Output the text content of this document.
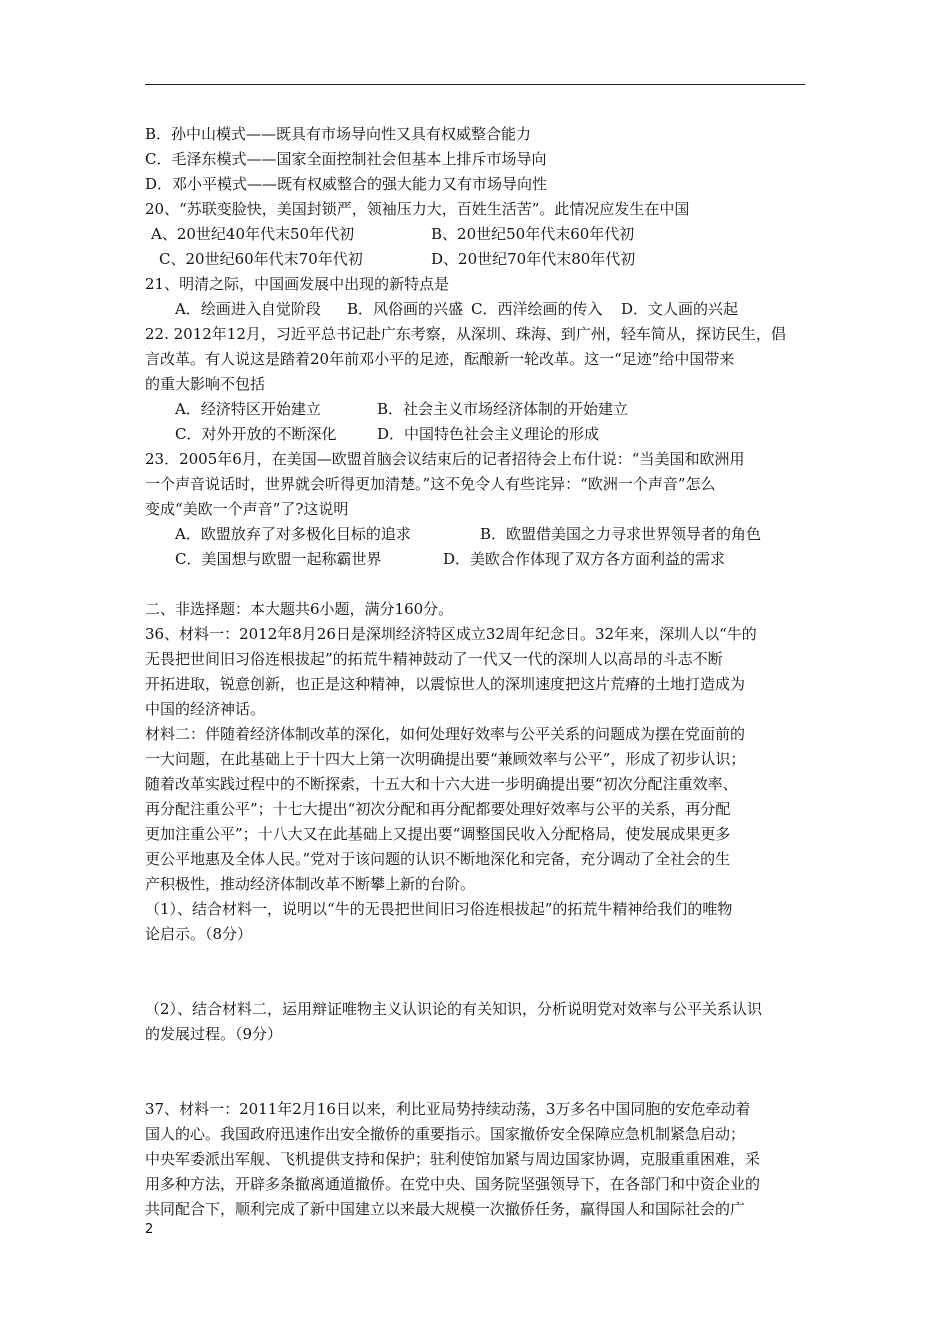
B．孙中山模式——既具有市场导向性又具有权威整合能力
C．毛泽东模式——国家全面控制社会但基本上排斥市场导向
D．邓小平模式——既有权威整合的强大能力又有市场导向性
20、“苏联变脸快，美国封锁严，领袖压力大，百姓生活苦”。此情况应发生在中国
A、20世纪40年代末50年代初	B、20世纪50年代末60年代初
C、20世纪60年代末70年代初	D、20世纪70年代末80年代初
21、明清之际，中国画发展中出现的新特点是
A．绘画进入自觉阶段 B．风俗画的兴盛 C．西洋绘画的传入 D．文人画的兴起
22. 2012年12月，习近平总书记赴广东考察，从深圳、珠海、到广州，轻车简从，探访民生，倡
言改革。有人说这是踏着20年前邓小平的足迹，酝酿新一轮改革。这一“足迹”给中国带来
的重大影响不包括
A．经济特区开始建立	B．社会主义市场经济体制的开始建立
C．对外开放的不断深化	D．中国特色社会主义理论的形成
23．2005年6月，在美国—欧盟首脑会议结束后的记者招待会上布什说：“当美国和欧洲用
一个声音说话时，世界就会听得更加清楚。”这不免令人有些诧异：“欧洲一个声音”怎么
变成“美欧一个声音”了?这说明
A．欧盟放弃了对多极化目标的追求	B．欧盟借美国之力寻求世界领导者的角色
C．美国想与欧盟一起称霸世界	D．美欧合作体现了双方各方面利益的需求
二、非选择题：本大题共6小题，满分160分。
36、材料一：2012年8月26日是深圳经济特区成立32周年纪念日。32年来，深圳人以“牛的
无畏把世间旧习俗连根拔起”的拓荒牛精神鼓动了一代又一代的深圳人以高昂的斗志不断
开拓进取，锐意创新，也正是这种精神，以震惊世人的深圳速度把这片荒瘠的土地打造成为
中国的经济神话。
材料二：伴随着经济体制改革的深化，如何处理好效率与公平关系的问题成为摆在党面前的
一大问题，在此基础上于十四大上第一次明确提出要“兼顾效率与公平”，形成了初步认识；
随着改革实践过程中的不断探索，十五大和十六大进一步明确提出要“初次分配注重效率、
再分配注重公平”；十七大提出“初次分配和再分配都要处理好效率与公平的关系，再分配
更加注重公平”；十八大又在此基础上又提出要“调整国民收入分配格局，使发展成果更多
更公平地惠及全体人民。”党对于该问题的认识不断地深化和完备，充分调动了全社会的生
产积极性，推动经济体制改革不断攀上新的台阶。
（1）、结合材料一，说明以“牛的无畏把世间旧习俗连根拔起”的拓荒牛精神给我们的唯物
论启示。（8分）
（2）、结合材料二，运用辩证唯物主义认识论的有关知识，分析说明党对效率与公平关系认识
的发展过程。（9分）
37、材料一：2011年2月16日以来，利比亚局势持续动荡，3万多名中国同胞的安危牵动着
国人的心。我国政府迅速作出安全撤侨的重要指示。国家撤侨安全保障应急机制紧急启动；
中央军委派出军舰、飞机提供支持和保护；驻利使馆加紧与周边国家协调，克服重重困难，采
用多种方法，开辟多条撤离通道撤侨。在党中央、国务院坚强领导下，在各部门和中资企业的
共同配合下，顺利完成了新中国建立以来最大规模一次撤侨任务，赢得国人和国际社会的广
2
